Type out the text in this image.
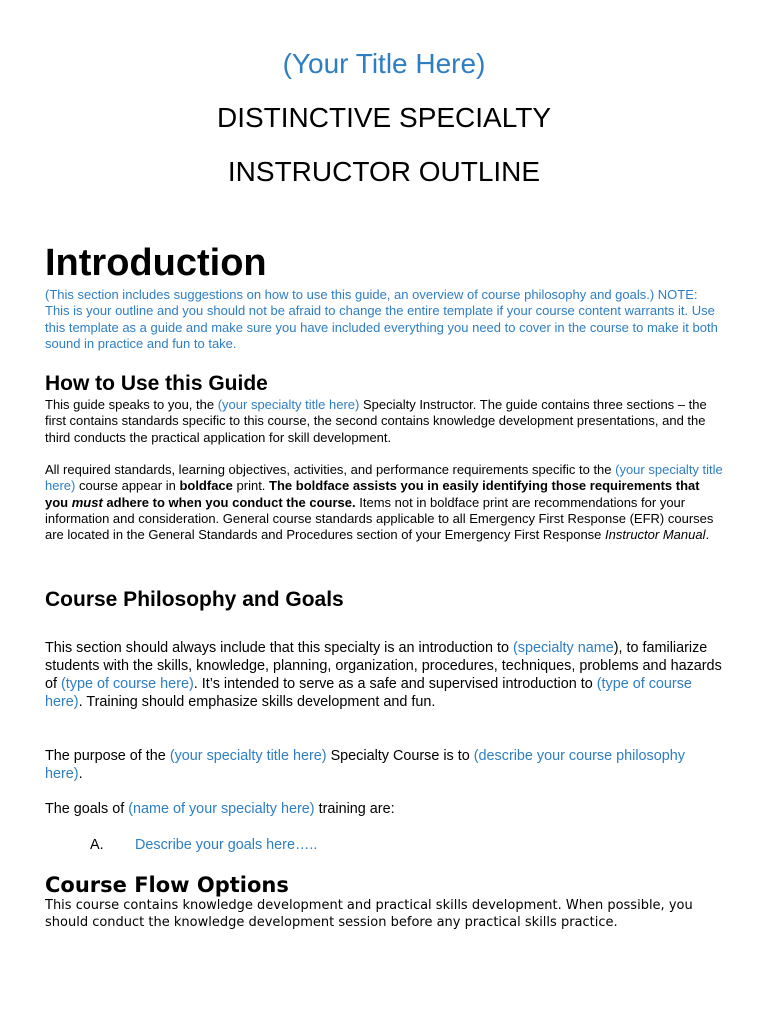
(Your Title Here)
DISTINCTIVE SPECIALTY
INSTRUCTOR OUTLINE
Introduction
(This section includes suggestions on how to use this guide, an overview of course philosophy and goals.) NOTE: This is your outline and you should not be afraid to change the entire template if your course content warrants it. Use this template as a guide and make sure you have included everything you need to cover in the course to make it both sound in practice and fun to take.
How to Use this Guide
This guide speaks to you, the (your specialty title here) Specialty Instructor. The guide contains three sections – the first contains standards specific to this course, the second contains knowledge development presentations, and the third conducts the practical application for skill development.
All required standards, learning objectives, activities, and performance requirements specific to the (your specialty title here) course appear in boldface print. The boldface assists you in easily identifying those requirements that you must adhere to when you conduct the course. Items not in boldface print are recommendations for your information and consideration. General course standards applicable to all Emergency First Response (EFR) courses are located in the General Standards and Procedures section of your Emergency First Response Instructor Manual.
Course Philosophy and Goals
This section should always include that this specialty is an introduction to (specialty name), to familiarize students with the skills, knowledge, planning, organization, procedures, techniques, problems and hazards of (type of course here). It’s intended to serve as a safe and supervised introduction to (type of course here). Training should emphasize skills development and fun.
The purpose of the (your specialty title here) Specialty Course is to (describe your course philosophy here).
The goals of (name of your specialty here) training are:
A. Describe your goals here…..
Course Flow Options
This course contains knowledge development and practical skills development. When possible, you should conduct the knowledge development session before any practical skills practice.
